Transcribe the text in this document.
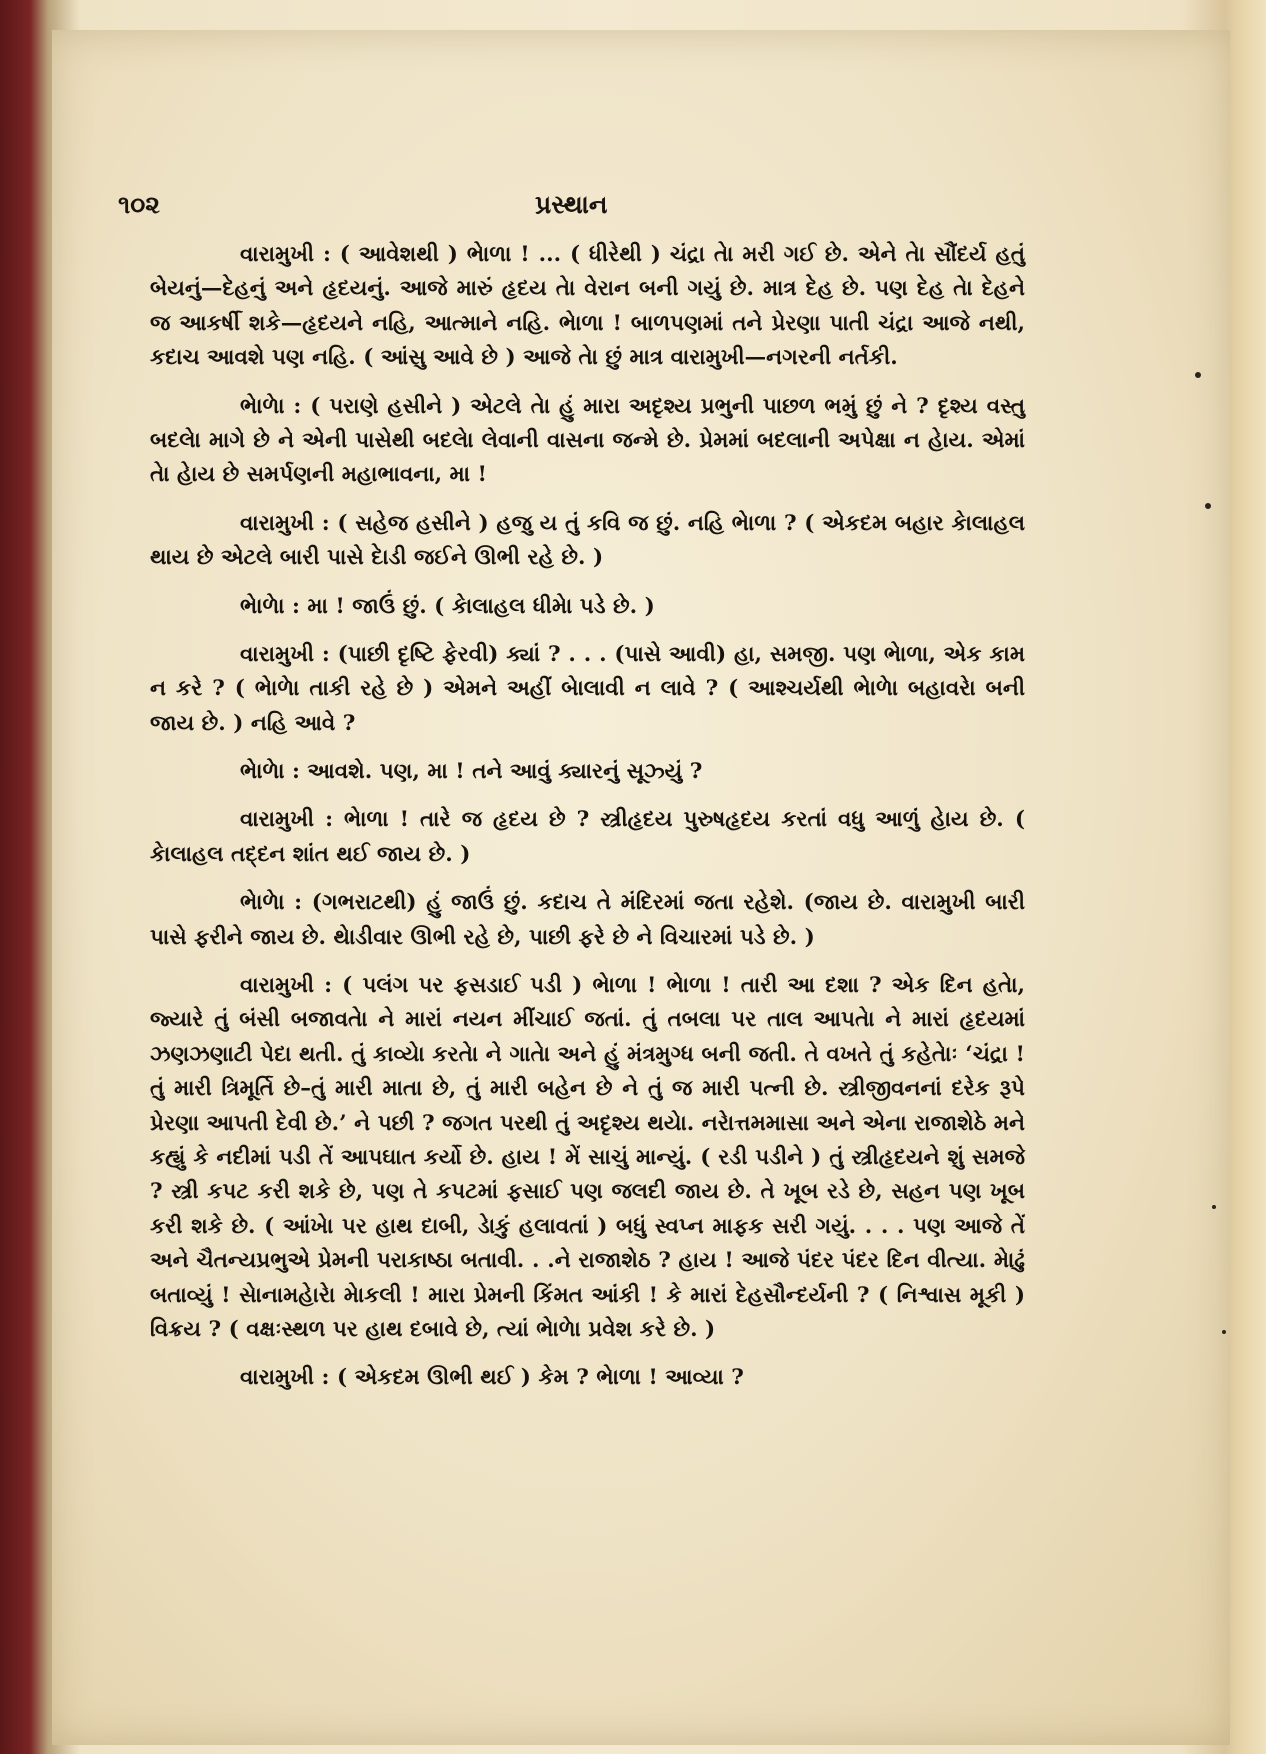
૧૦૨	પ્રસ્થાન

વારામુખી : ( આવેશથી ) ભેાળા ! ... ( ધીરેથી ) ચંદ્રા તેા મરી ગઈ છે. એને તેા સૌંદર્ય હતું બેયનું—દેહનું અને હૃદયનું. આજે મારું હૃદય તેા વેરાન બની ગયું છે. માત્ર દેહ છે. પણ દેહ તેા દેહને જ આકર્ષી શકે—હૃદયને નહિ, આત્માને નહિ. ભેાળા ! બાળપણમાં તને પ્રેરણા પાતી ચંદ્રા આજે નથી, કદાચ આવશે પણ નહિ. ( આંસુ આવે છે ) આજે તેા છું માત્ર વારામુખી—નગરની નર્તકી.

ભેાળેા : ( પરાણે હસીને ) એટલે તેા હું મારા અદૃશ્ય પ્રભુની પાછળ ભમું છું ને ? દૃશ્ય વસ્તુ બદલેા માગે છે ને એની પાસેથી બદલેા લેવાની વાસના જન્મે છે. પ્રેમમાં બદલાની અપેક્ષા ન હેાય. એમાં તેા હેાય છે સમર્પણની મહાભાવના, મા !

વારામુખી : ( સહેજ હસીને ) હજુ ય તું કવિ જ છું. નહિ ભેાળા ? ( એકદમ બહાર કેાલાહલ થાય છે એટલે બારી પાસે દેાડી જઈને ઊભી રહે છે. )

ભેાળેા : મા ! જાઉં છું. ( કેાલાહલ ધીમેા પડે છે. )

વારામુખી : (પાછી દૃષ્ટિ ફેરવી) ક્યાં ? . . . (પાસે આવી) હા, સમજી. પણ ભેાળા, એક કામ ન કરે ? ( ભેાળેા તાકી રહે છે ) એમને અહીં બેાલાવી ન લાવે ? ( આશ્ચર્યથી ભેાળેા બહાવરેા બની જાય છે. ) નહિ આવે ?

ભેાળેા : આવશે. પણ, મા ! તને આવું ક્યારનું સૂઝ્યું ?

વારામુખી : ભેાળા ! તારે જ હૃદય છે ? સ્ત્રીહૃદય પુરુષહૃદય કરતાં વધુ આળું હેાય છે. ( કેાલાહલ તદ્દન શાંત થઈ જાય છે. )

ભેાળેા : (ગભરાટથી) હું જાઉં છું. કદાચ તે મંદિરમાં જતા રહેશે. (જાય છે. વારામુખી બારી પાસે ફરીને જાય છે. થેાડીવાર ઊભી રહે છે, પાછી ફરે છે ને વિચારમાં પડે છે. )

વારામુખી : ( પલંગ પર ફસડાઈ પડી ) ભેાળા ! ભેાળા ! તારી આ દશા ? એક દિન હતેા, જ્યારે તું બંસી બજાવતેા ને મારાં નયન મીંચાઈ જતાં. તું તબલા પર તાલ આપતેા ને મારાં હૃદયમાં ઝણઝણાટી પેદા થતી. તું કાવ્યેા કરતેા ને ગાતેા અને હું મંત્રમુગ્ધ બની જતી. તે વખતે તું કહેતેાઃ ‘ચંદ્રા ! તું મારી ત્રિમૂર્તિ છે–તું મારી માતા છે, તું મારી બહેન છે ને તું જ મારી પત્ની છે. સ્ત્રીજીવનનાં દરેક રૂપે પ્રેરણા આપતી દેવી છે.’ ને પછી ? જગત પરથી તું અદૃશ્ય થયેા. નરેાત્તમમાસા અને એના રાજાશેઠે મને કહ્યું કે નદીમાં પડી તેં આપઘાત કર્યો છે. હાય ! મેં સાચું માન્યું. ( રડી પડીને ) તું સ્ત્રીહૃદયને શું સમજે ? સ્ત્રી કપટ કરી શકે છે, પણ તે કપટમાં ફસાઈ પણ જલદી જાય છે. તે ખૂબ રડે છે, સહન પણ ખૂબ કરી શકે છે. ( આંખેા પર હાથ દાબી, ડેાકું હલાવતાં ) બધું સ્વપ્ન માફક સરી ગયું. . . . પણ આજે તેં અને ચૈતન્યપ્રભુએ પ્રેમની પરાકાષ્ઠા બતાવી. . .ને રાજાશેઠ ? હાય ! આજે પંદર પંદર દિન વીત્યા. મેાઢું બતાવ્યું ! સેાનામહેારેા મેાકલી ! મારા પ્રેમની કિંમત આંકી ! કે મારાં દેહસૌન્દર્યની ? ( નિશ્વાસ મૂકી ) વિક્રય ? ( વક્ષઃસ્થળ પર હાથ દબાવે છે, ત્યાં ભેાળેા પ્રવેશ કરે છે. )

વારામુખી : ( એકદમ ઊભી થઈ ) કેમ ? ભેાળા ! આવ્યા ?
